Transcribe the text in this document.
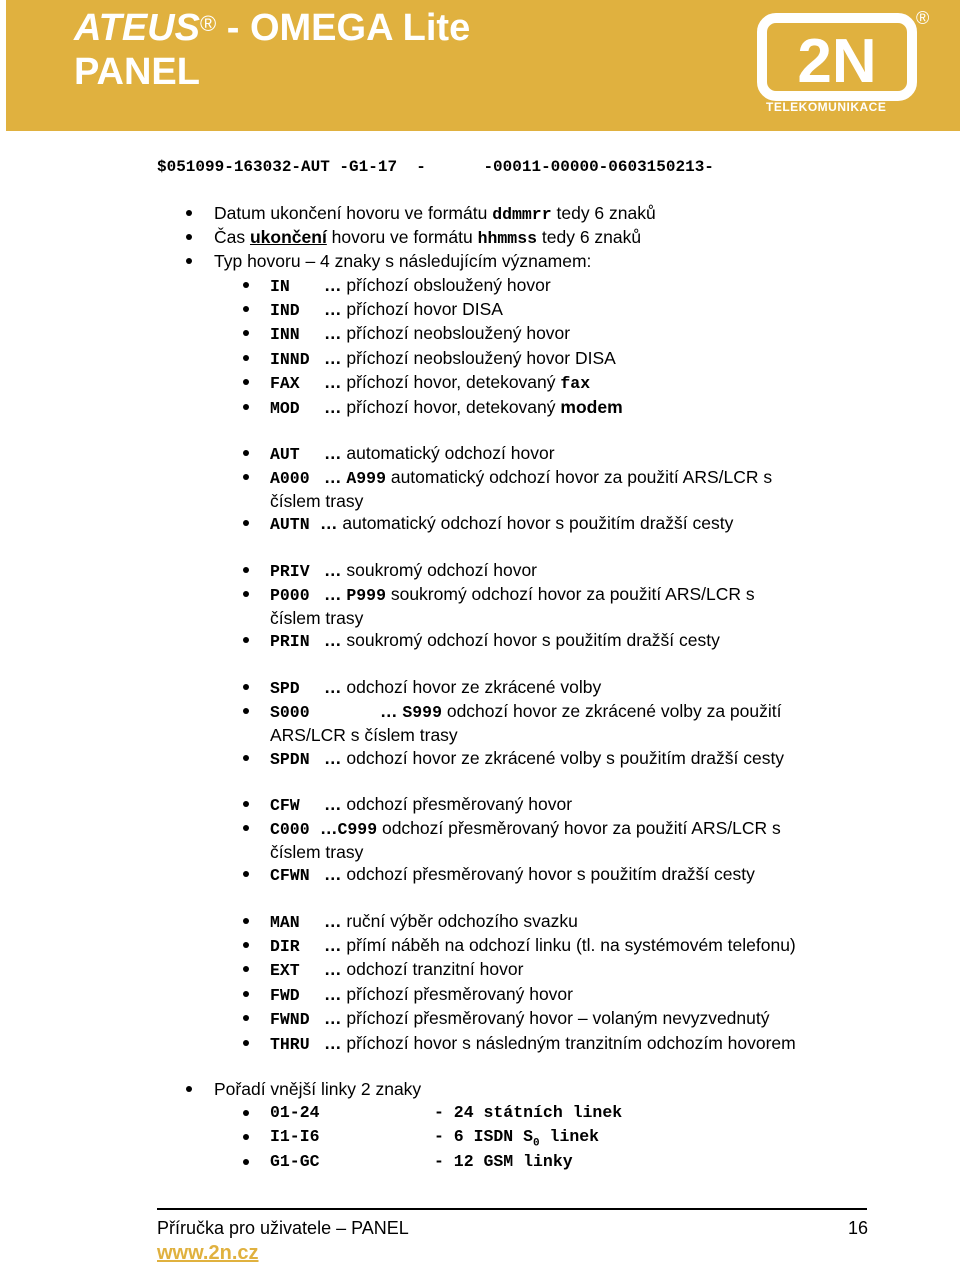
ATEUS® - OMEGA Lite
PANEL	2N
®
TELEKOMUNIKACE
$051099-163032-AUT -G1-17  -      -00011-00000-0603150213-
Datum ukončení hovoru ve formátu ddmmrr tedy 6 znaků
Čas ukončení hovoru ve formátu hhmmss tedy 6 znaků
Typ hovoru – 4 znaky s následujícím významem:
IN … příchozí obsloužený hovor
IND … příchozí hovor DISA
INN … příchozí neobsloužený hovor
INND … příchozí neobsloužený hovor DISA
FAX … příchozí hovor, detekovaný fax
MOD … příchozí hovor, detekovaný modem
AUT … automatický odchozí hovor
A000 … A999 automatický odchozí hovor za použití ARS/LCR s
číslem trasy
AUTN … automatický odchozí hovor s použitím dražší cesty
PRIV … soukromý odchozí hovor
P000 … P999 soukromý odchozí hovor za použití ARS/LCR s
číslem trasy
PRIN … soukromý odchozí hovor s použitím dražší cesty
SPD … odchozí hovor ze zkrácené volby
S000	… S999 odchozí hovor ze zkrácené volby za použití
ARS/LCR s číslem trasy
SPDN … odchozí hovor ze zkrácené volby s použitím dražší cesty
CFW … odchozí přesměrovaný hovor
C000 …C999 odchozí přesměrovaný hovor za použití ARS/LCR s
číslem trasy
CFWN … odchozí přesměrovaný hovor s použitím dražší cesty
MAN … ruční výběr odchozího svazku
DIR … přímí náběh na odchozí linku (tl. na systémovém telefonu)
EXT … odchozí tranzitní hovor
FWD … příchozí přesměrovaný hovor
FWND … příchozí přesměrovaný hovor – volaným nevyzvednutý
THRU … příchozí hovor s následným tranzitním odchozím hovorem
Pořadí vnější linky 2 znaky
01-24	- 24 státních linek
I1-I6	- 6 ISDN $S_0$ linek
G1-GC	- 12 GSM linky
Příručka pro uživatele – PANEL	16
www.2n.cz
